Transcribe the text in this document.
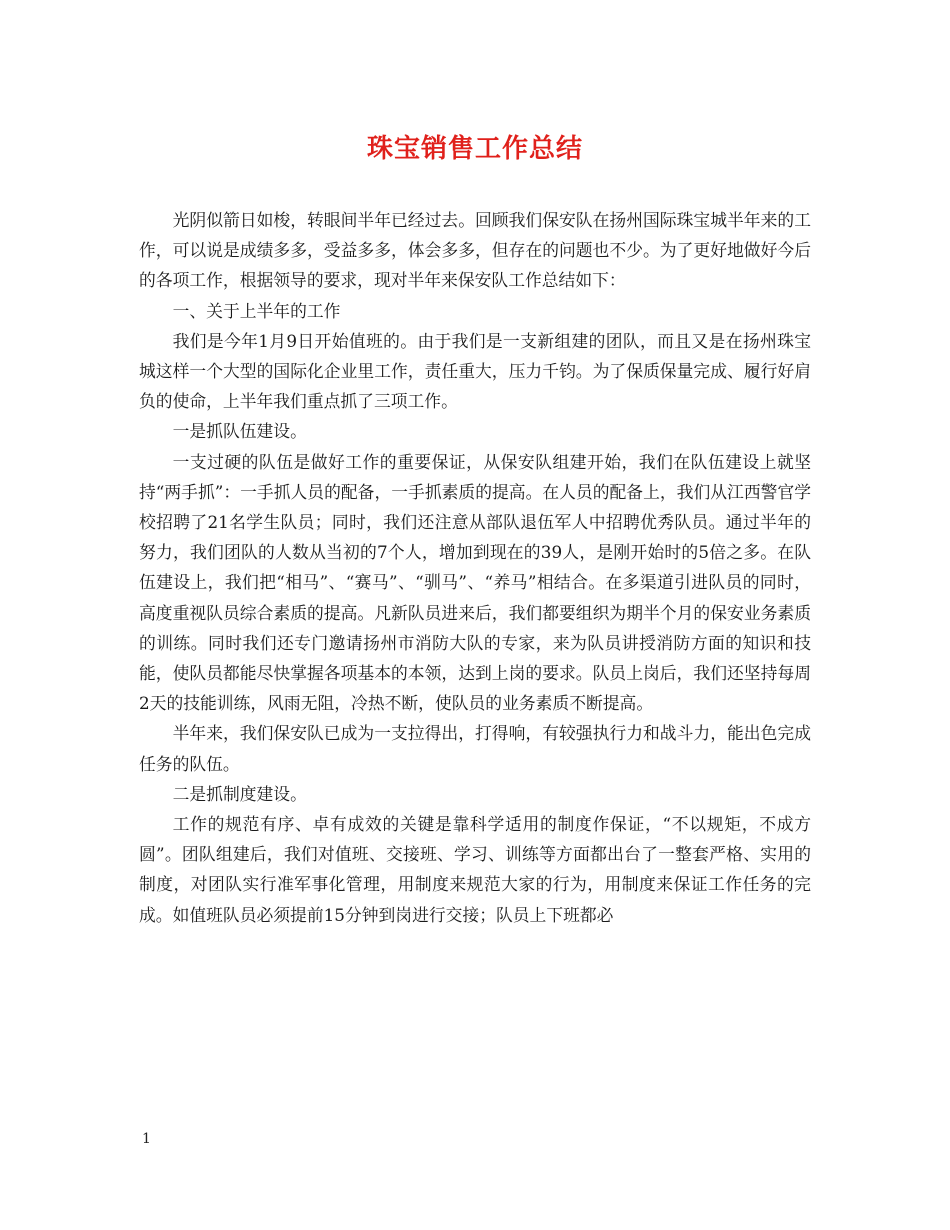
珠宝销售工作总结

光阴似箭日如梭，转眼间半年已经过去。回顾我们保安队在扬州国际珠宝城半年来的工作，可以说是成绩多多，受益多多，体会多多，但存在的问题也不少。为了更好地做好今后的各项工作，根据领导的要求，现对半年来保安队工作总结如下：

一、关于上半年的工作

我们是今年1月9日开始值班的。由于我们是一支新组建的团队，而且又是在扬州珠宝城这样一个大型的国际化企业里工作，责任重大，压力千钧。为了保质保量完成、履行好肩负的使命，上半年我们重点抓了三项工作。

一是抓队伍建设。

一支过硬的队伍是做好工作的重要保证，从保安队组建开始，我们在队伍建设上就坚持“两手抓”：一手抓人员的配备，一手抓素质的提高。在人员的配备上，我们从江西警官学校招聘了21名学生队员；同时，我们还注意从部队退伍军人中招聘优秀队员。通过半年的努力，我们团队的人数从当初的7个人，增加到现在的39人，是刚开始时的5倍之多。在队伍建设上，我们把“相马”、“赛马”、“驯马”、“养马”相结合。在多渠道引进队员的同时，高度重视队员综合素质的提高。凡新队员进来后，我们都要组织为期半个月的保安业务素质的训练。同时我们还专门邀请扬州市消防大队的专家，来为队员讲授消防方面的知识和技能，使队员都能尽快掌握各项基本的本领，达到上岗的要求。队员上岗后，我们还坚持每周2天的技能训练，风雨无阻，冷热不断，使队员的业务素质不断提高。

半年来，我们保安队已成为一支拉得出，打得响，有较强执行力和战斗力，能出色完成任务的队伍。

二是抓制度建设。

工作的规范有序、卓有成效的关键是靠科学适用的制度作保证，“不以规矩，不成方圆”。团队组建后，我们对值班、交接班、学习、训练等方面都出台了一整套严格、实用的制度，对团队实行准军事化管理，用制度来规范大家的行为，用制度来保证工作任务的完成。如值班队员必须提前15分钟到岗进行交接；队员上下班都必

1
